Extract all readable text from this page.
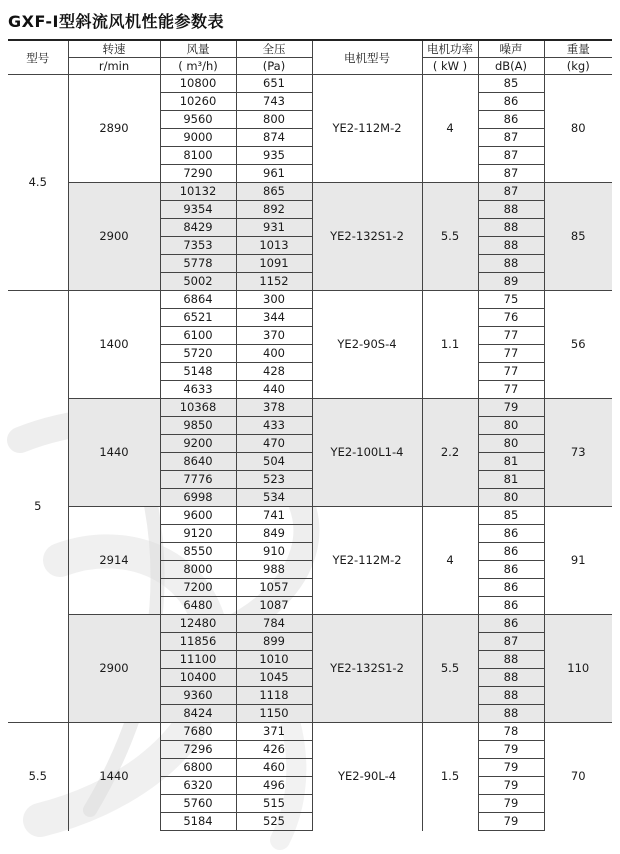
GXF-Ⅰ型斜流风机性能参数表
型号	转速	风量	全压	电机型号	电机功率	噪声	重量
	r/min	( m³/h)	(Pa)		( kW )	dB(A)	(kg)
4.5	2890	10800	651	YE2-112M-2	4	85	80
		10260	743			86	
		9560	800			86	
		9000	874			87	
		8100	935			87	
		7290	961			87	
	2900	10132	865	YE2-132S1-2	5.5	87	85
		9354	892			88	
		8429	931			88	
		7353	1013			88	
		5778	1091			88	
		5002	1152			89	
5	1400	6864	300	YE2-90S-4	1.1	75	56
		6521	344			76	
		6100	370			77	
		5720	400			77	
		5148	428			77	
		4633	440			77	
	1440	10368	378	YE2-100L1-4	2.2	79	73
		9850	433			80	
		9200	470			80	
		8640	504			81	
		7776	523			81	
		6998	534			80	
	2914	9600	741	YE2-112M-2	4	85	91
		9120	849			86	
		8550	910			86	
		8000	988			86	
		7200	1057			86	
		6480	1087			86	
	2900	12480	784	YE2-132S1-2	5.5	86	110
		11856	899			87	
		11100	1010			88	
		10400	1045			88	
		9360	1118			88	
		8424	1150			88	
5.5	1440	7680	371	YE2-90L-4	1.5	78	70
		7296	426			79	
		6800	460			79	
		6320	496			79	
		5760	515			79	
		5184	525			79	
